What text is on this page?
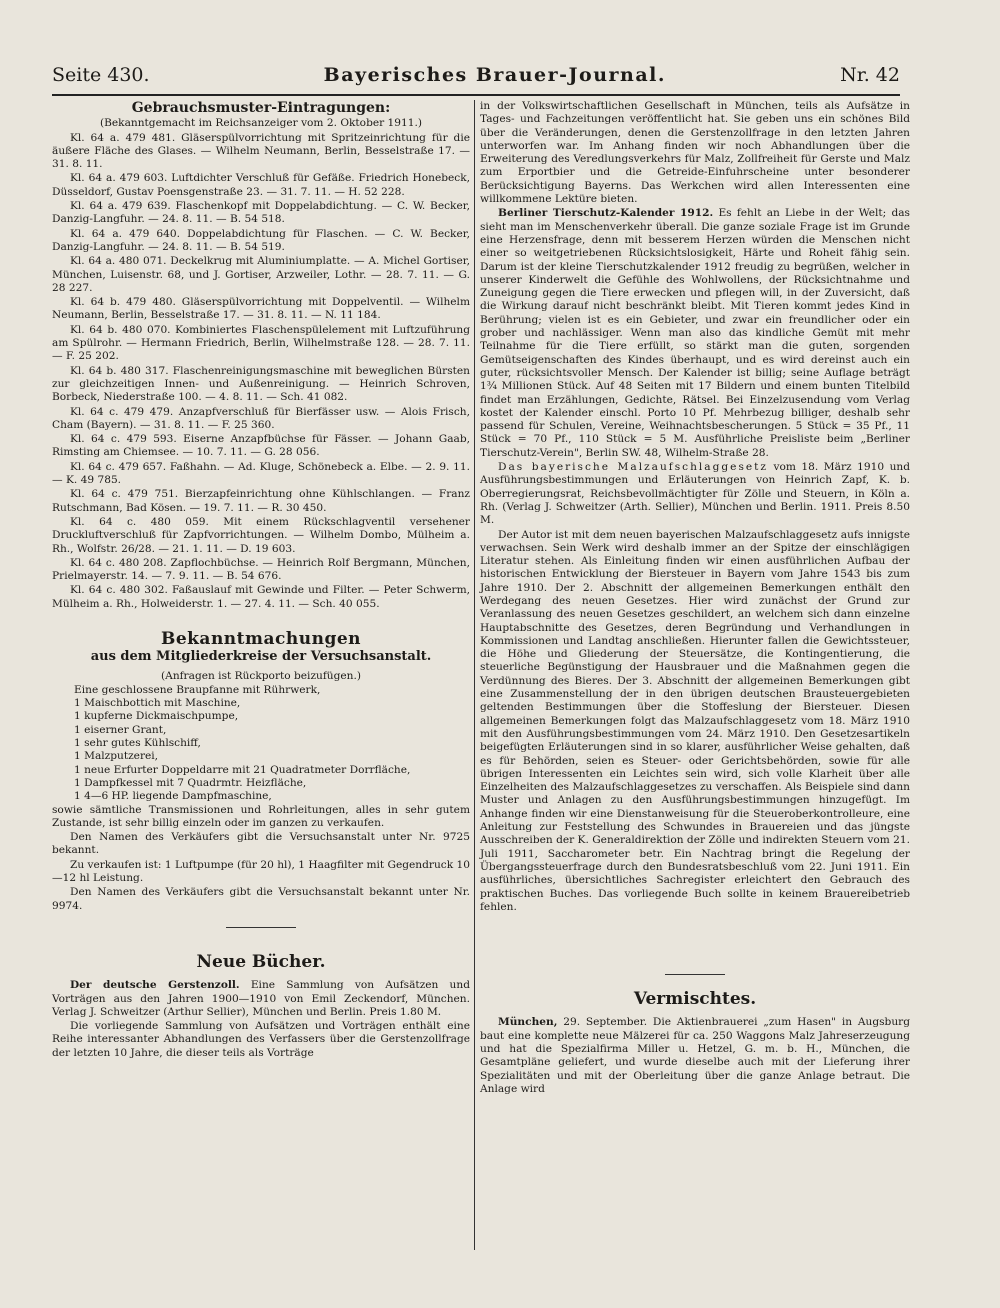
Seite 430.	Bayerisches Brauer-Journal.	Nr. 42
Gebrauchsmuster-Eintragungen:

(Bekanntgemacht im Reichsanzeiger vom 2. Oktober 1911.)

Kl. 64 a. 479 481. Gläserspülvorrichtung mit Spritzeinrichtung für die äußere Fläche des Glases. — Wilhelm Neumann, Berlin, Besselstraße 17. — 31. 8. 11.

Kl. 64 a. 479 603. Luftdichter Verschluß für Gefäße. Friedrich Honebeck, Düsseldorf, Gustav Poensgenstraße 23. — 31. 7. 11. — H. 52 228.

Kl. 64 a. 479 639. Flaschenkopf mit Doppelabdichtung. — C. W. Becker, Danzig-Langfuhr. — 24. 8. 11. — B. 54 518.

Kl. 64 a. 479 640. Doppelabdichtung für Flaschen. — C. W. Becker, Danzig-Langfuhr. — 24. 8. 11. — B. 54 519.

Kl. 64 a. 480 071. Deckelkrug mit Aluminiumplatte. — A. Michel Gortiser, München, Luisenstr. 68, und J. Gortiser, Arzweiler, Lothr. — 28. 7. 11. — G. 28 227.

Kl. 64 b. 479 480. Gläserspülvorrichtung mit Doppelventil. — Wilhelm Neumann, Berlin, Besselstraße 17. — 31. 8. 11. — N. 11 184.

Kl. 64 b. 480 070. Kombiniertes Flaschenspülelement mit Luftzuführung am Spülrohr. — Hermann Friedrich, Berlin, Wilhelmstraße 128. — 28. 7. 11. — F. 25 202.

Kl. 64 b. 480 317. Flaschenreinigungsmaschine mit beweglichen Bürsten zur gleichzeitigen Innen- und Außenreinigung. — Heinrich Schroven, Borbeck, Niederstraße 100. — 4. 8. 11. — Sch. 41 082.

Kl. 64 c. 479 479. Anzapfverschluß für Bierfässer usw. — Alois Frisch, Cham (Bayern). — 31. 8. 11. — F. 25 360.

Kl. 64 c. 479 593. Eiserne Anzapfbüchse für Fässer. — Johann Gaab, Rimsting am Chiemsee. — 10. 7. 11. — G. 28 056.

Kl. 64 c. 479 657. Faßhahn. — Ad. Kluge, Schönebeck a. Elbe. — 2. 9. 11. — K. 49 785.

Kl. 64 c. 479 751. Bierzapfeinrichtung ohne Kühlschlangen. — Franz Rutschmann, Bad Kösen. — 19. 7. 11. — R. 30 450.

Kl. 64 c. 480 059. Mit einem Rückschlagventil versehener Druckluftverschluß für Zapfvorrichtungen. — Wilhelm Dombo, Mülheim a. Rh., Wolfstr. 26/28. — 21. 1. 11. — D. 19 603.

Kl. 64 c. 480 208. Zapflochbüchse. — Heinrich Rolf Bergmann, München, Prielmayerstr. 14. — 7. 9. 11. — B. 54 676.

Kl. 64 c. 480 302. Faßauslauf mit Gewinde und Filter. — Peter Schwerm, Mülheim a. Rh., Holweiderstr. 1. — 27. 4. 11. — Sch. 40 055.

Bekanntmachungen
aus dem Mitgliederkreise der Versuchsanstalt.

(Anfragen ist Rückporto beizufügen.)

Eine geschlossene Braupfanne mit Rührwerk,
1 Maischbottich mit Maschine,
1 kupferne Dickmaischpumpe,
1 eiserner Grant,
1 sehr gutes Kühlschiff,
1 Malzputzerei,
1 neue Erfurter Doppeldarre mit 21 Quadratmeter Dorrfläche,
1 Dampfkessel mit 7 Quadrmtr. Heizfläche,
1 4—6 HP. liegende Dampfmaschine,

sowie sämtliche Transmissionen und Rohrleitungen, alles in sehr gutem Zustande, ist sehr billig einzeln oder im ganzen zu verkaufen.

Den Namen des Verkäufers gibt die Versuchsanstalt unter Nr. 9725 bekannt.

Zu verkaufen ist: 1 Luftpumpe (für 20 hl), 1 Haagfilter mit Gegendruck 10—12 hl Leistung.

Den Namen des Verkäufers gibt die Versuchsanstalt bekannt unter Nr. 9974.

Neue Bücher.

Der deutsche Gerstenzoll. Eine Sammlung von Aufsätzen und Vorträgen aus den Jahren 1900—1910 von Emil Zeckendorf, München. Verlag J. Schweitzer (Arthur Sellier), München und Berlin. Preis 1.80 M.

Die vorliegende Sammlung von Aufsätzen und Vorträgen enthält eine Reihe interessanter Abhandlungen des Verfassers über die Gerstenzollfrage der letzten 10 Jahre, die dieser teils als Vorträge

in der Volkswirtschaftlichen Gesellschaft in München, teils als Aufsätze in Tages- und Fachzeitungen veröffentlicht hat. Sie geben uns ein schönes Bild über die Veränderungen, denen die Gerstenzollfrage in den letzten Jahren unterworfen war. Im Anhang finden wir noch Abhandlungen über die Erweiterung des Veredlungsverkehrs für Malz, Zollfreiheit für Gerste und Malz zum Erportbier und die Getreide-Einfuhrscheine unter besonderer Berücksichtigung Bayerns. Das Werkchen wird allen Interessenten eine willkommene Lektüre bieten.

Berliner Tierschutz-Kalender 1912. Es fehlt an Liebe in der Welt; das sieht man im Menschenverkehr überall. Die ganze soziale Frage ist im Grunde eine Herzensfrage, denn mit besserem Herzen würden die Menschen nicht einer so weitgetriebenen Rücksichtslosigkeit, Härte und Roheit fähig sein. Darum ist der kleine Tierschutzkalender 1912 freudig zu begrüßen, welcher in unserer Kinderwelt die Gefühle des Wohlwollens, der Rücksichtnahme und Zuneigung gegen die Tiere erwecken und pflegen will, in der Zuversicht, daß die Wirkung darauf nicht beschränkt bleibt. Mit Tieren kommt jedes Kind in Berührung; vielen ist es ein Gebieter, und zwar ein freundlicher oder ein grober und nachlässiger. Wenn man also das kindliche Gemüt mit mehr Teilnahme für die Tiere erfüllt, so stärkt man die guten, sorgenden Gemütseigenschaften des Kindes überhaupt, und es wird dereinst auch ein guter, rücksichtsvoller Mensch. Der Kalender ist billig; seine Auflage beträgt 1¾ Millionen Stück. Auf 48 Seiten mit 17 Bildern und einem bunten Titelbild findet man Erzählungen, Gedichte, Rätsel. Bei Einzelzusendung vom Verlag kostet der Kalender einschl. Porto 10 Pf. Mehrbezug billiger, deshalb sehr passend für Schulen, Vereine, Weihnachtsbescherungen. 5 Stück = 35 Pf., 11 Stück = 70 Pf., 110 Stück = 5 M. Ausführliche Preisliste beim „Berliner Tierschutz-Verein", Berlin SW. 48, Wilhelm-Straße 28.

Das bayerische Malzaufschlaggesetz vom 18. März 1910 und Ausführungsbestimmungen und Erläuterungen von Heinrich Zapf, K. b. Oberregierungsrat, Reichsbevollmächtigter für Zölle und Steuern, in Köln a. Rh. (Verlag J. Schweitzer (Arth. Sellier), München und Berlin. 1911. Preis 8.50 M.

Der Autor ist mit dem neuen bayerischen Malzaufschlaggesetz aufs innigste verwachsen. Sein Werk wird deshalb immer an der Spitze der einschlägigen Literatur stehen. Als Einleitung finden wir einen ausführlichen Aufbau der historischen Entwicklung der Biersteuer in Bayern vom Jahre 1543 bis zum Jahre 1910. Der 2. Abschnitt der allgemeinen Bemerkungen enthält den Werdegang des neuen Gesetzes. Hier wird zunächst der Grund zur Veranlassung des neuen Gesetzes geschildert, an welchem sich dann einzelne Hauptabschnitte des Gesetzes, deren Begründung und Verhandlungen in Kommissionen und Landtag anschließen. Hierunter fallen die Gewichtssteuer, die Höhe und Gliederung der Steuersätze, die Kontingentierung, die steuerliche Begünstigung der Hausbrauer und die Maßnahmen gegen die Verdünnung des Bieres. Der 3. Abschnitt der allgemeinen Bemerkungen gibt eine Zusammenstellung der in den übrigen deutschen Brausteuergebieten geltenden Bestimmungen über die Stoffeslung der Biersteuer. Diesen allgemeinen Bemerkungen folgt das Malzaufschlaggesetz vom 18. März 1910 mit den Ausführungsbestimmungen vom 24. März 1910. Den Gesetzesartikeln beigefügten Erläuterungen sind in so klarer, ausführlicher Weise gehalten, daß es für Behörden, seien es Steuer- oder Gerichtsbehörden, sowie für alle übrigen Interessenten ein Leichtes sein wird, sich volle Klarheit über alle Einzelheiten des Malzaufschlaggesetzes zu verschaffen. Als Beispiele sind dann Muster und Anlagen zu den Ausführungsbestimmungen hinzugefügt. Im Anhange finden wir eine Dienstanweisung für die Steueroberkontrolleure, eine Anleitung zur Feststellung des Schwundes in Brauereien und das jüngste Ausschreiben der K. Generaldirektion der Zölle und indirekten Steuern vom 21. Juli 1911, Saccharometer betr. Ein Nachtrag bringt die Regelung der Übergangssteuerfrage durch den Bundesratsbeschluß vom 22. Juni 1911. Ein ausführliches, übersichtliches Sachregister erleichtert den Gebrauch des praktischen Buches. Das vorliegende Buch sollte in keinem Brauereibetrieb fehlen.

Vermischtes.

München, 29. September. Die Aktienbrauerei „zum Hasen" in Augsburg baut eine komplette neue Mälzerei für ca. 250 Waggons Malz Jahreserzeugung und hat die Spezialfirma Miller u. Hetzel, G. m. b. H., München, die Gesamtpläne geliefert, und wurde dieselbe auch mit der Lieferung ihrer Spezialitäten und mit der Oberleitung über die ganze Anlage betraut. Die Anlage wird
